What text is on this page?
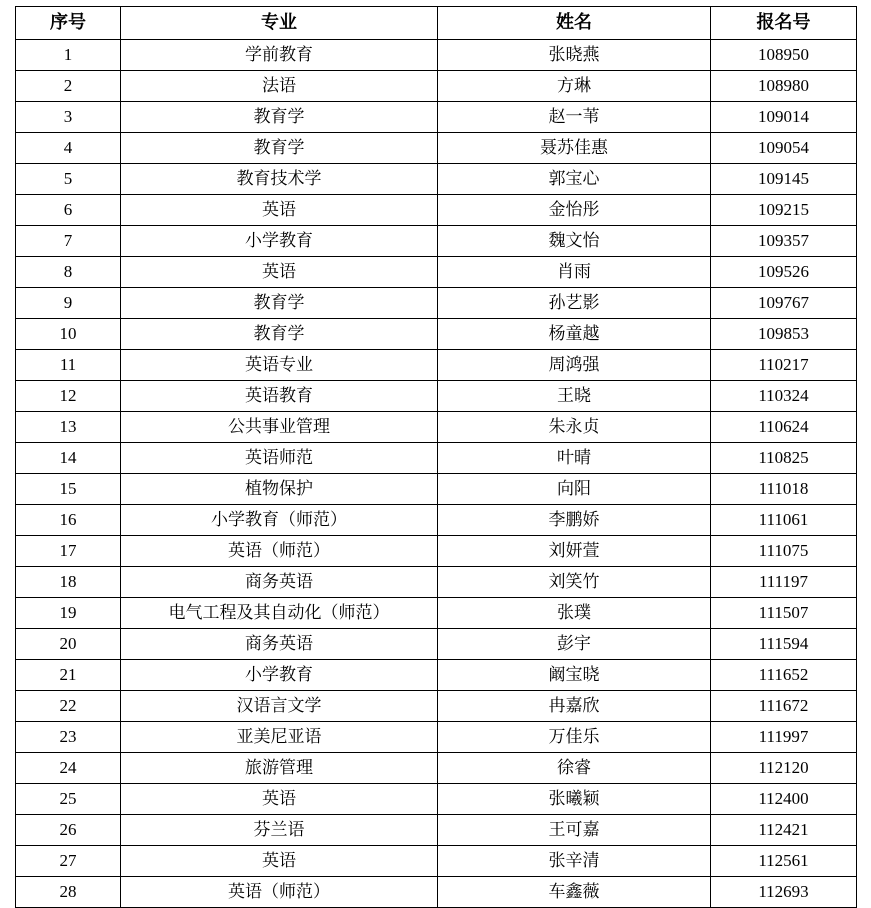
序号	专业	姓名	报名号
1	学前教育	张晓燕	108950
2	法语	方琳	108980
3	教育学	赵一苇	109014
4	教育学	聂苏佳惠	109054
5	教育技术学	郭宝心	109145
6	英语	金怡彤	109215
7	小学教育	魏文怡	109357
8	英语	肖雨	109526
9	教育学	孙艺影	109767
10	教育学	杨童越	109853
11	英语专业	周鸿强	110217
12	英语教育	王晓	110324
13	公共事业管理	朱永贞	110624
14	英语师范	叶晴	110825
15	植物保护	向阳	111018
16	小学教育（师范）	李鹏娇	111061
17	英语（师范）	刘妍萱	111075
18	商务英语	刘笑竹	111197
19	电气工程及其自动化（师范）	张璞	111507
20	商务英语	彭宇	111594
21	小学教育	阚宝晓	111652
22	汉语言文学	冉嘉欣	111672
23	亚美尼亚语	万佳乐	111997
24	旅游管理	徐睿	112120
25	英语	张曦颖	112400
26	芬兰语	王可嘉	112421
27	英语	张辛清	112561
28	英语（师范）	车鑫薇	112693
